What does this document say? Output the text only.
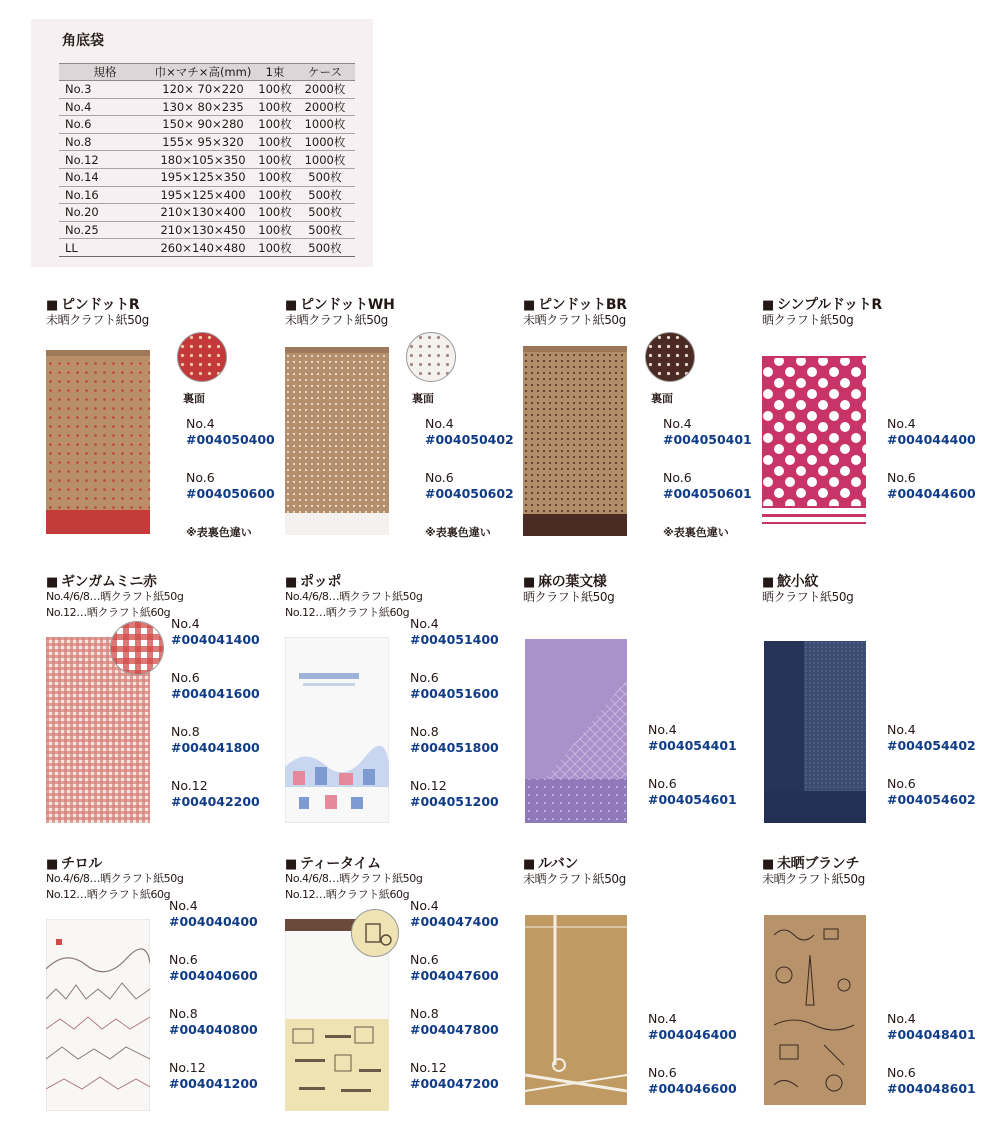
角底袋
規格	巾×マチ×高(mm)	1束	ケース
No.3	120× 70×220	100枚	2000枚
No.4	130× 80×235	100枚	2000枚
No.6	150× 90×280	100枚	1000枚
No.8	155× 95×320	100枚	1000枚
No.12	180×105×350	100枚	1000枚
No.14	195×125×350	100枚	500枚
No.16	195×125×400	100枚	500枚
No.20	210×130×400	100枚	500枚
No.25	210×130×450	100枚	500枚
LL	260×140×480	100枚	500枚
■ ピンドットR
未晒クラフト紙50g
裏面
No.4
#004050400
No.6
#004050600
※表裏色違い
■ ピンドットWH
未晒クラフト紙50g
裏面
No.4
#004050402
No.6
#004050602
※表裏色違い
■ ピンドットBR
未晒クラフト紙50g
裏面
No.4
#004050401
No.6
#004050601
※表裏色違い
■ シンプルドットR
晒クラフト紙50g
No.4
#004044400
No.6
#004044600
■ ギンガムミニ赤
No.4/6/8…晒クラフト紙50g
No.12…晒クラフト紙60g
No.4
#004041400
No.6
#004041600
No.8
#004041800
No.12
#004042200
■ ポッポ
No.4/6/8…晒クラフト紙50g
No.12…晒クラフト紙60g
No.4
#004051400
No.6
#004051600
No.8
#004051800
No.12
#004051200
■ 麻の葉文様
晒クラフト紙50g
No.4
#004054401
No.6
#004054601
■ 鮫小紋
晒クラフト紙50g
No.4
#004054402
No.6
#004054602
■ チロル
No.4/6/8…晒クラフト紙50g
No.12…晒クラフト紙60g
No.4
#004040400
No.6
#004040600
No.8
#004040800
No.12
#004041200
■ ティータイム
No.4/6/8…晒クラフト紙50g
No.12…晒クラフト紙60g
No.4
#004047400
No.6
#004047600
No.8
#004047800
No.12
#004047200
■ ルバン
未晒クラフト紙50g
No.4
#004046400
No.6
#004046600
■ 未晒ブランチ
未晒クラフト紙50g
No.4
#004048401
No.6
#004048601
